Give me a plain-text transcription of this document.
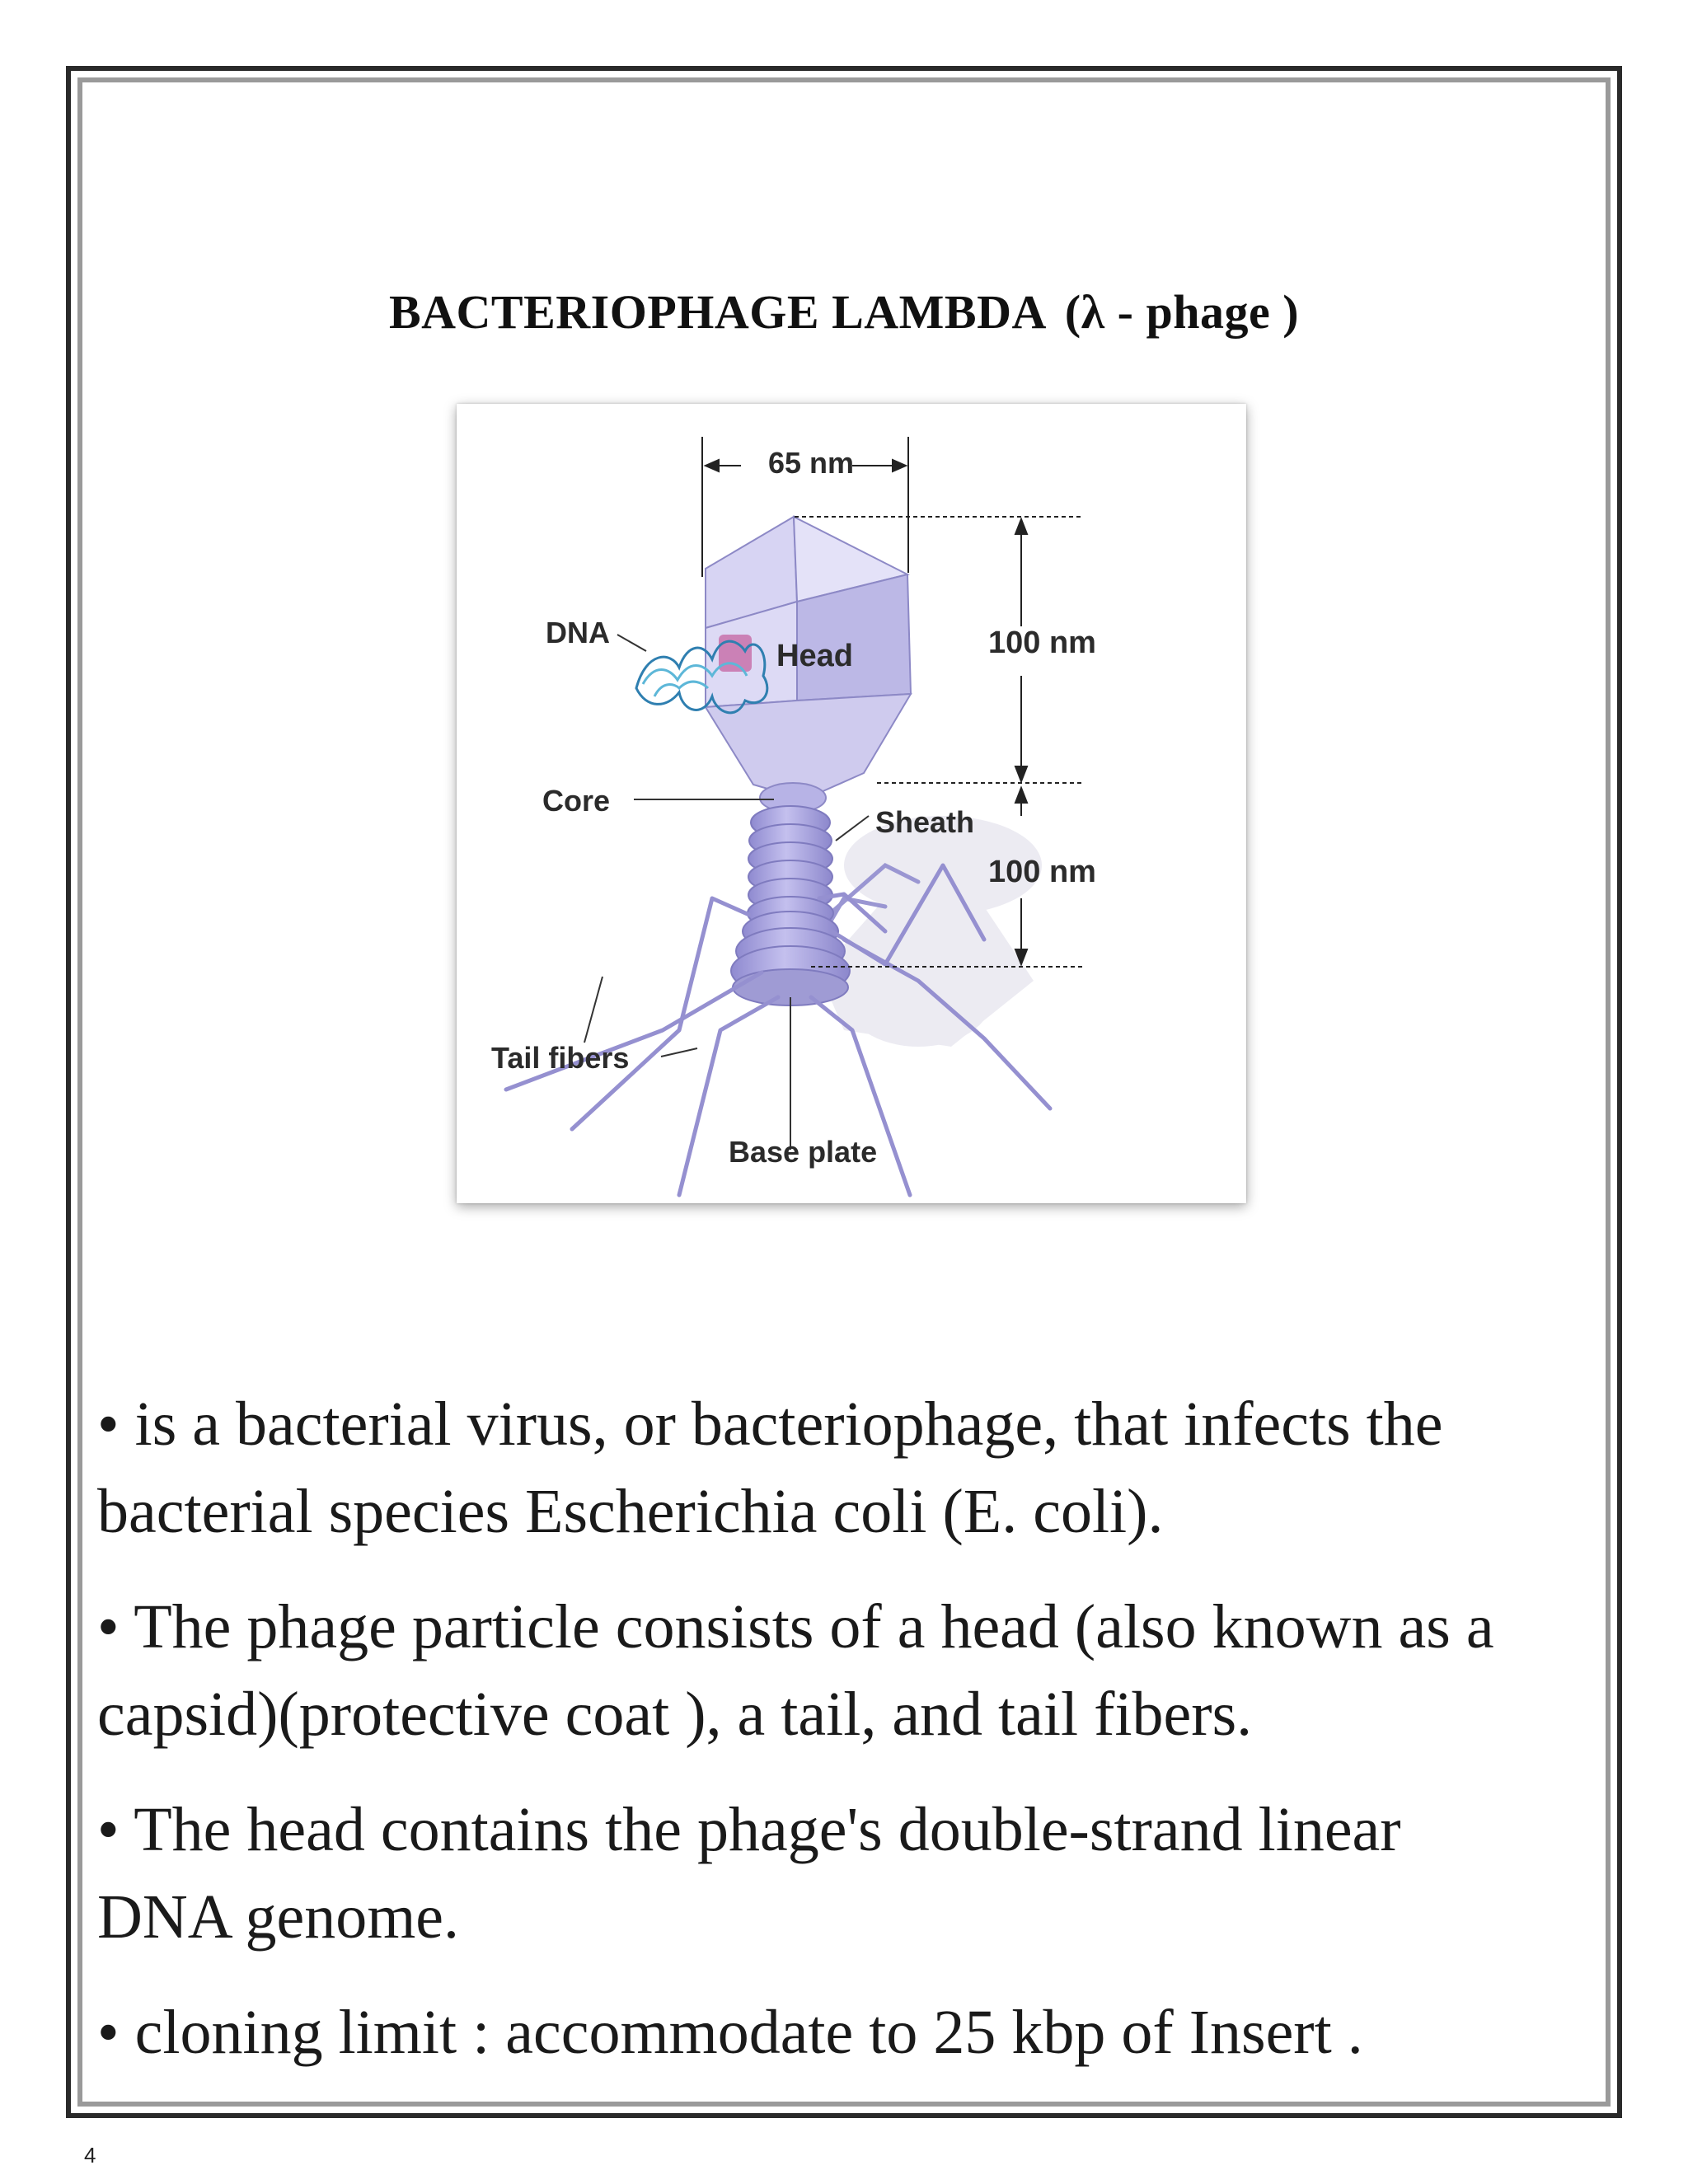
BACTERIOPHAGE LAMBDA (λ - phage )
65 nm
100 nm
100 nm
DNA
Head
Core
Sheath
Tail fibers
Base plate

• is a bacterial virus, or bacteriophage, that infects the bacterial species Escherichia coli (E. coli).

• The phage particle consists of a head (also known as a capsid)(protective coat ), a tail, and tail fibers.

• The head contains the phage's double-strand linear DNA genome.

• cloning limit : accommodate to 25 kbp of Insert .

4
